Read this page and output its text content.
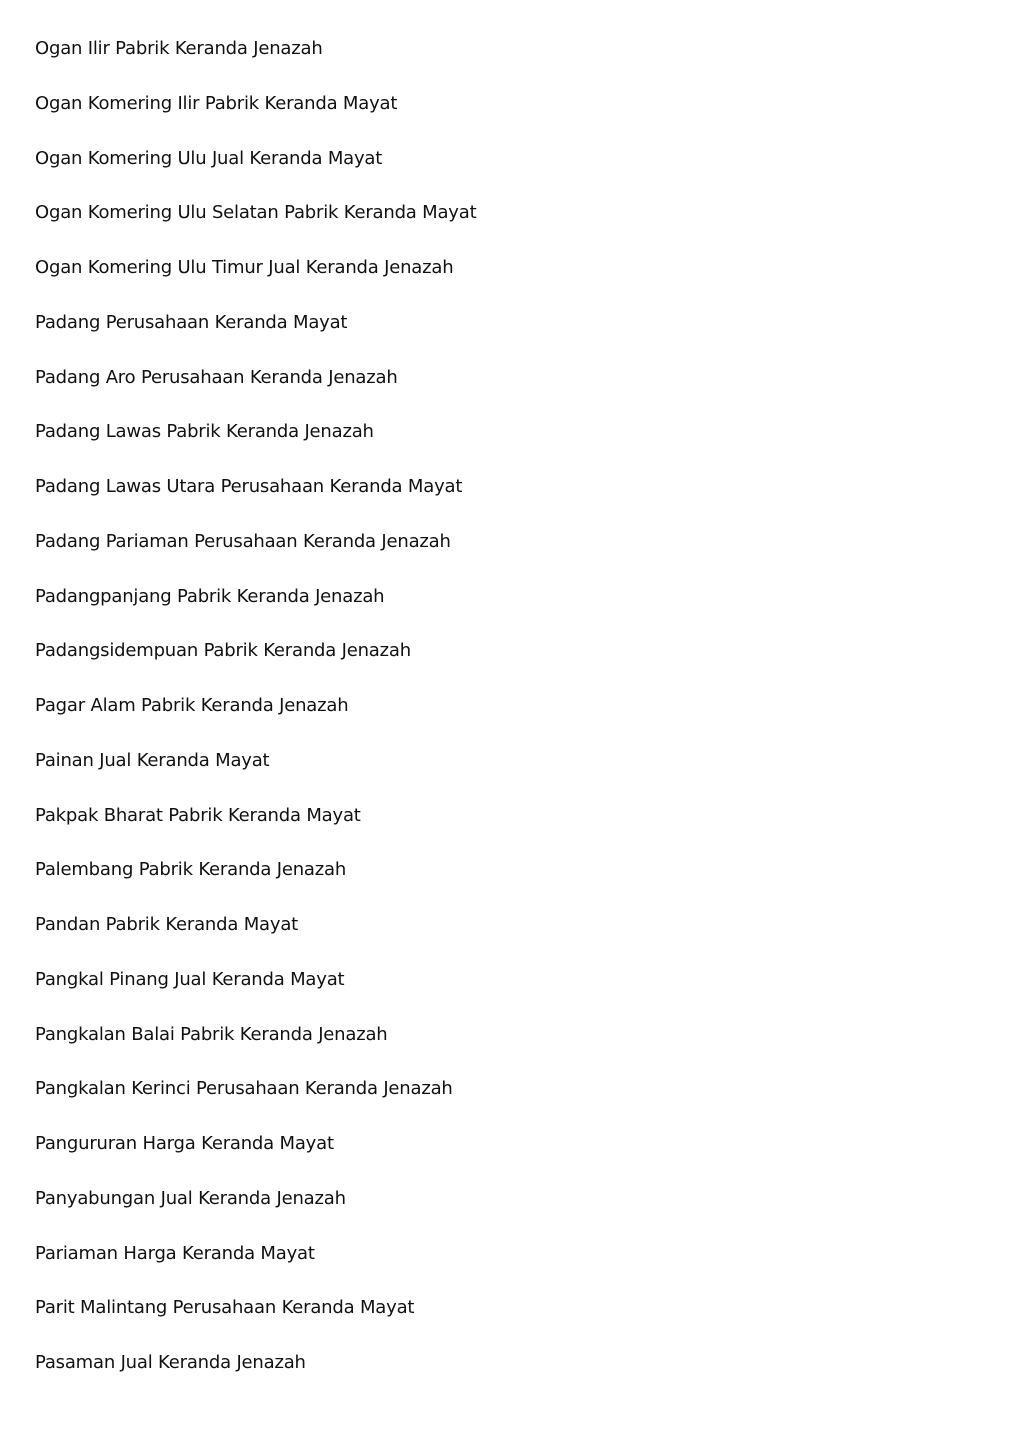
Ogan Ilir Pabrik Keranda Jenazah
Ogan Komering Ilir Pabrik Keranda Mayat
Ogan Komering Ulu Jual Keranda Mayat
Ogan Komering Ulu Selatan Pabrik Keranda Mayat
Ogan Komering Ulu Timur Jual Keranda Jenazah
Padang Perusahaan Keranda Mayat
Padang Aro Perusahaan Keranda Jenazah
Padang Lawas Pabrik Keranda Jenazah
Padang Lawas Utara Perusahaan Keranda Mayat
Padang Pariaman Perusahaan Keranda Jenazah
Padangpanjang Pabrik Keranda Jenazah
Padangsidempuan Pabrik Keranda Jenazah
Pagar Alam Pabrik Keranda Jenazah
Painan Jual Keranda Mayat
Pakpak Bharat Pabrik Keranda Mayat
Palembang Pabrik Keranda Jenazah
Pandan Pabrik Keranda Mayat
Pangkal Pinang Jual Keranda Mayat
Pangkalan Balai Pabrik Keranda Jenazah
Pangkalan Kerinci Perusahaan Keranda Jenazah
Pangururan Harga Keranda Mayat
Panyabungan Jual Keranda Jenazah
Pariaman Harga Keranda Mayat
Parit Malintang Perusahaan Keranda Mayat
Pasaman Jual Keranda Jenazah
